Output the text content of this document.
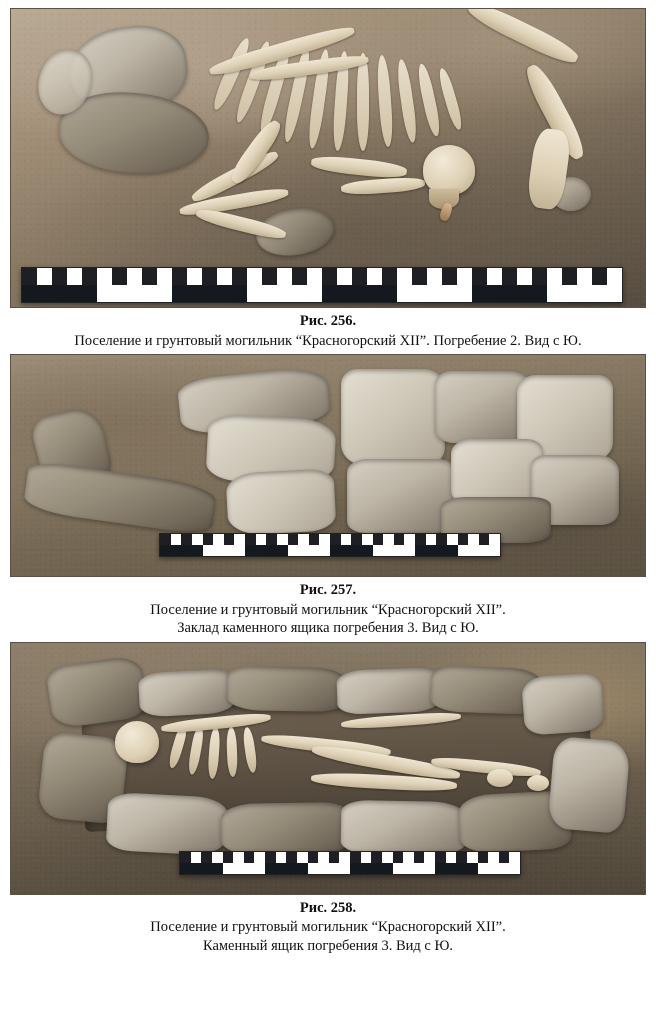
Рис. 256.
Поселение и грунтовый могильник “Красногорский XII”. Погребение 2. Вид с Ю.
Рис. 257.
Поселение и грунтовый могильник “Красногорский XII”.
Заклад каменного ящика погребения 3. Вид с Ю.
Рис. 258.
Поселение и грунтовый могильник “Красногорский XII”.
Каменный ящик погребения 3. Вид с Ю.
